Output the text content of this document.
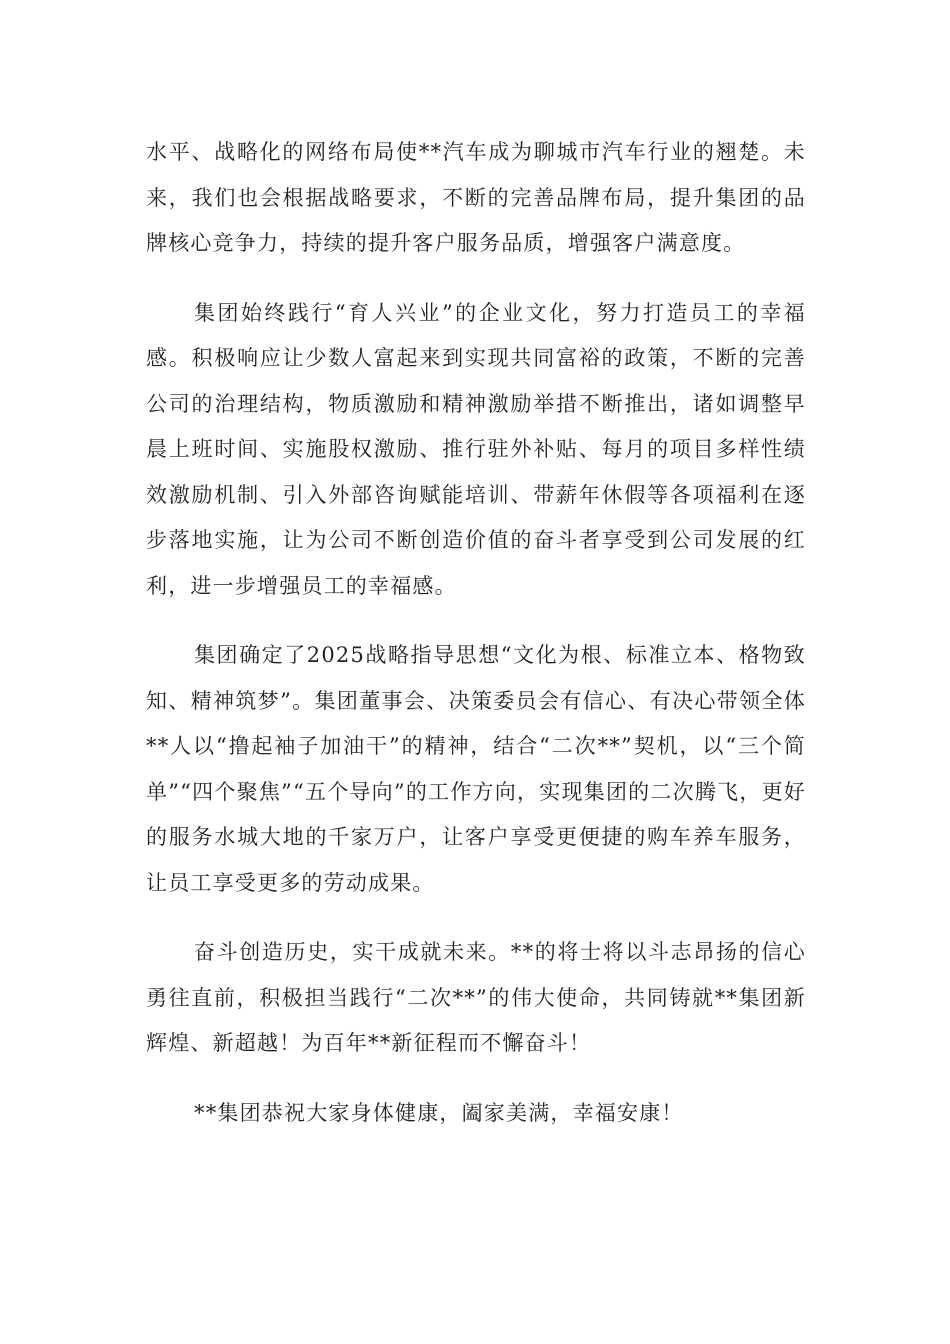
水平、战略化的网络布局使**汽车成为聊城市汽车行业的翘楚。未来，我们也会根据战略要求，不断的完善品牌布局，提升集团的品牌核心竞争力，持续的提升客户服务品质，增强客户满意度。

集团始终践行“育人兴业”的企业文化，努力打造员工的幸福感。积极响应让少数人富起来到实现共同富裕的政策，不断的完善公司的治理结构，物质激励和精神激励举措不断推出，诸如调整早晨上班时间、实施股权激励、推行驻外补贴、每月的项目多样性绩效激励机制、引入外部咨询赋能培训、带薪年休假等各项福利在逐步落地实施，让为公司不断创造价值的奋斗者享受到公司发展的红利，进一步增强员工的幸福感。

集团确定了2025战略指导思想“文化为根、标准立本、格物致知、精神筑梦”。集团董事会、决策委员会有信心、有决心带领全体**人以“撸起袖子加油干”的精神，结合“二次**”契机，以“三个简单”“四个聚焦”“五个导向”的工作方向，实现集团的二次腾飞，更好的服务水城大地的千家万户，让客户享受更便捷的购车养车服务，让员工享受更多的劳动成果。

奋斗创造历史，实干成就未来。**的将士将以斗志昂扬的信心勇往直前，积极担当践行“二次**”的伟大使命，共同铸就**集团新辉煌、新超越！为百年**新征程而不懈奋斗！

**集团恭祝大家身体健康，阖家美满，幸福安康！
